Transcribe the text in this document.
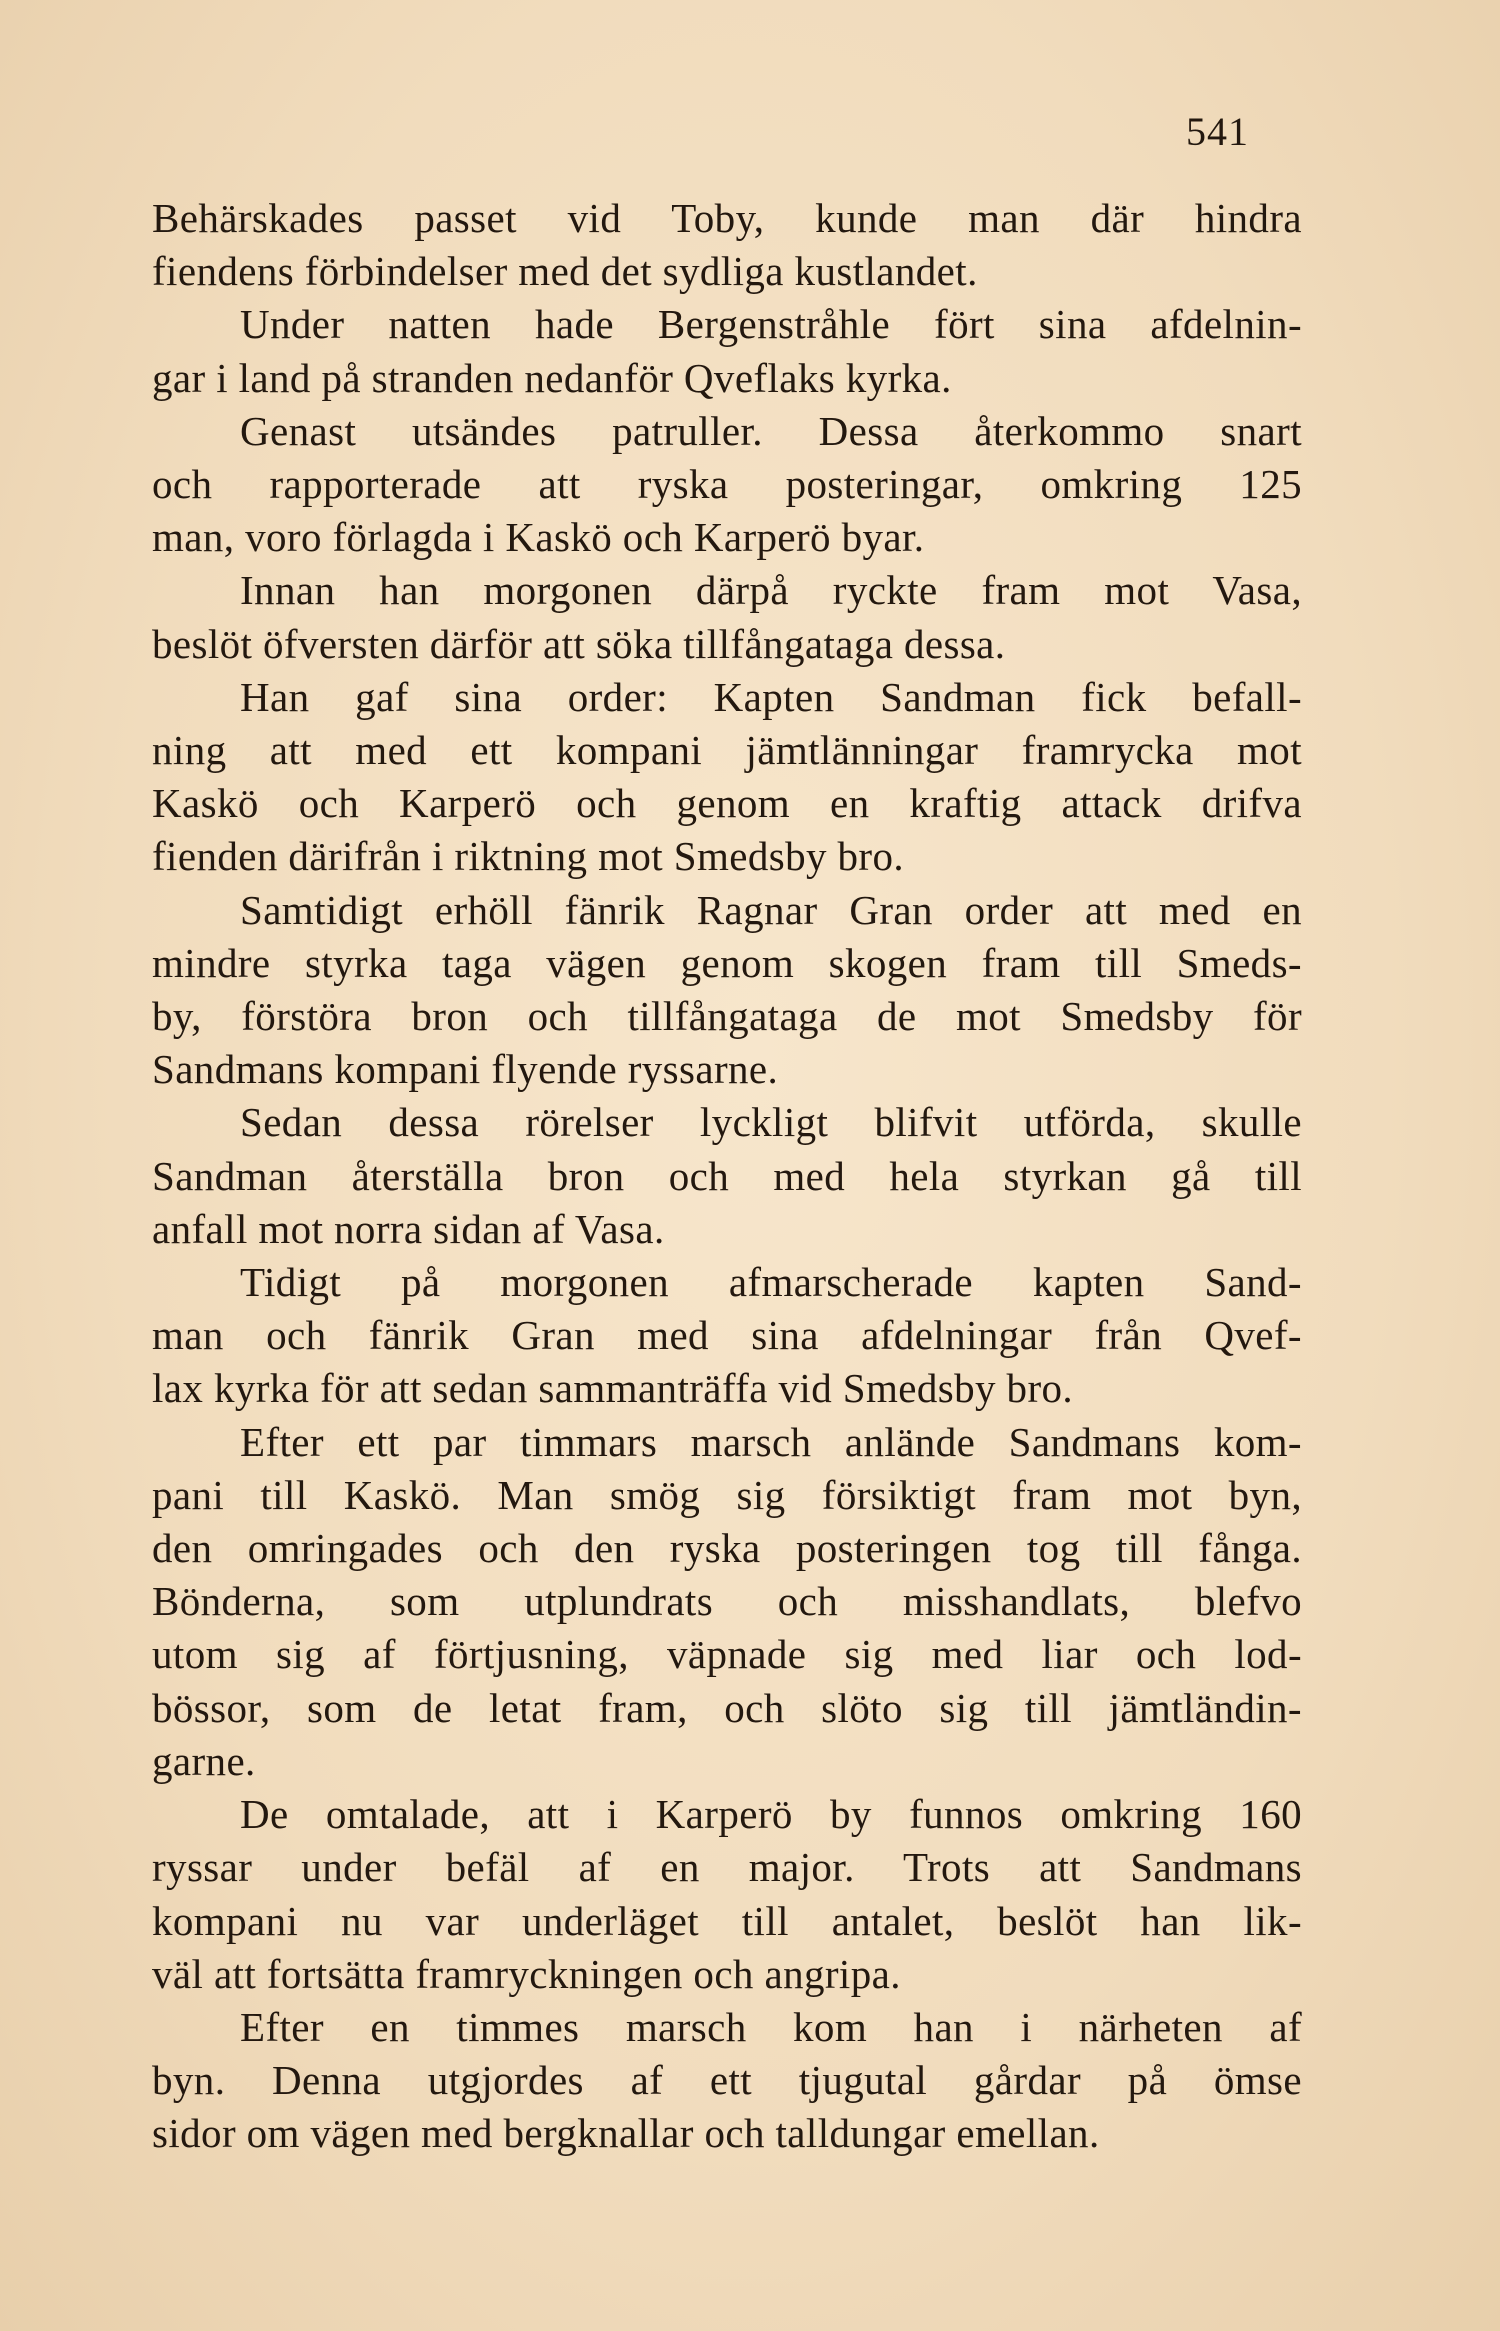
541
Behärskades passet vid Toby, kunde man där hindra
fiendens förbindelser med det sydliga kustlandet.
Under natten hade Bergenstråhle fört sina afdelnin-
gar i land på stranden nedanför Qveflaks kyrka.
Genast utsändes patruller. Dessa återkommo snart
och rapporterade att ryska posteringar, omkring 125
man, voro förlagda i Kaskö och Karperö byar.
Innan han morgonen därpå ryckte fram mot Vasa,
beslöt öfversten därför att söka tillfångataga dessa.
Han gaf sina order: Kapten Sandman fick befall-
ning att med ett kompani jämtlänningar framrycka mot
Kaskö och Karperö och genom en kraftig attack drifva
fienden därifrån i riktning mot Smedsby bro.
Samtidigt erhöll fänrik Ragnar Gran order att med en
mindre styrka taga vägen genom skogen fram till Smeds-
by, förstöra bron och tillfångataga de mot Smedsby för
Sandmans kompani flyende ryssarne.
Sedan dessa rörelser lyckligt blifvit utförda, skulle
Sandman återställa bron och med hela styrkan gå till
anfall mot norra sidan af Vasa.
Tidigt på morgonen afmarscherade kapten Sand-
man och fänrik Gran med sina afdelningar från Qvef-
lax kyrka för att sedan sammanträffa vid Smedsby bro.
Efter ett par timmars marsch anlände Sandmans kom-
pani till Kaskö. Man smög sig försiktigt fram mot byn,
den omringades och den ryska posteringen tog till fånga.
Bönderna, som utplundrats och misshandlats, blefvo
utom sig af förtjusning, väpnade sig med liar och lod-
bössor, som de letat fram, och slöto sig till jämtländin-
garne.
De omtalade, att i Karperö by funnos omkring 160
ryssar under befäl af en major. Trots att Sandmans
kompani nu var underläget till antalet, beslöt han lik-
väl att fortsätta framryckningen och angripa.
Efter en timmes marsch kom han i närheten af
byn. Denna utgjordes af ett tjugutal gårdar på ömse
sidor om vägen med bergknallar och talldungar emellan.
